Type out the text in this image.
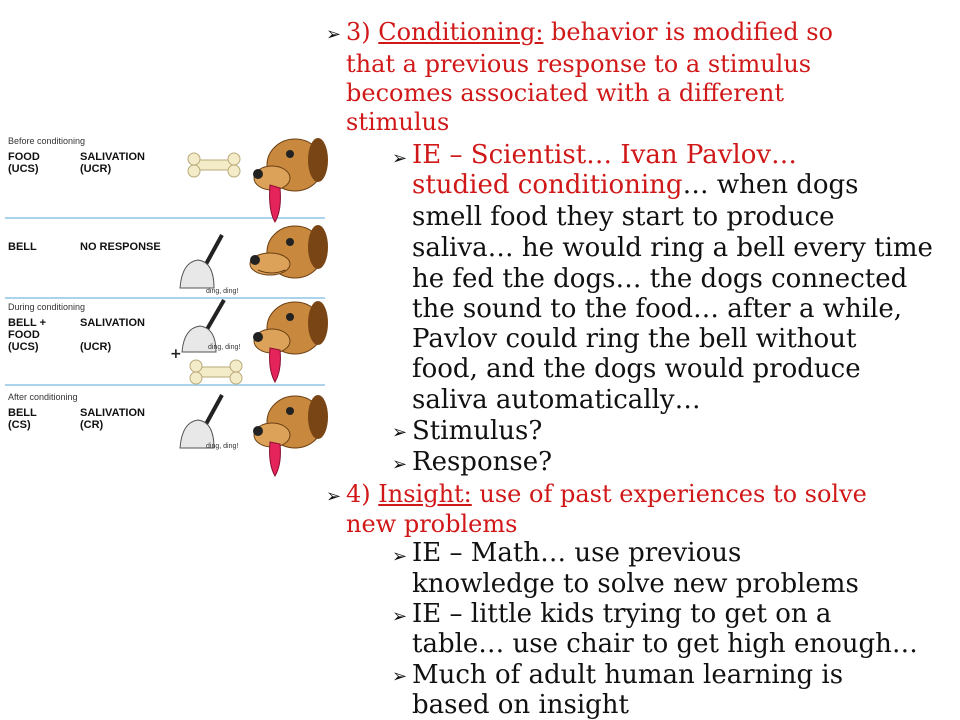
Before conditioning
FOOD
(UCS)
SALIVATION
(UCR)
BELL	NO RESPONSE
ding, ding!
During conditioning
BELL +
FOOD
(UCS)
SALIVATION
(UCR)	ding, ding!
+
After conditioning
BELL
(CS)
SALIVATION
(CR)
ding, ding!
➢ 3) Conditioning: behavior is modified so
that a previous response to a stimulus
becomes associated with a different
stimulus
➢ IE – Scientist… Ivan Pavlov…
studied conditioning… when dogs
smell food they start to produce
saliva… he would ring a bell every time
he fed the dogs… the dogs connected
the sound to the food… after a while,
Pavlov could ring the bell without
food, and the dogs would produce
saliva automatically…
➢ Stimulus?
➢ Response?
➢ 4) Insight: use of past experiences to solve
new problems
➢ IE – Math… use previous
knowledge to solve new problems
➢ IE – little kids trying to get on a
table… use chair to get high enough…
➢ Much of adult human learning is
based on insight
